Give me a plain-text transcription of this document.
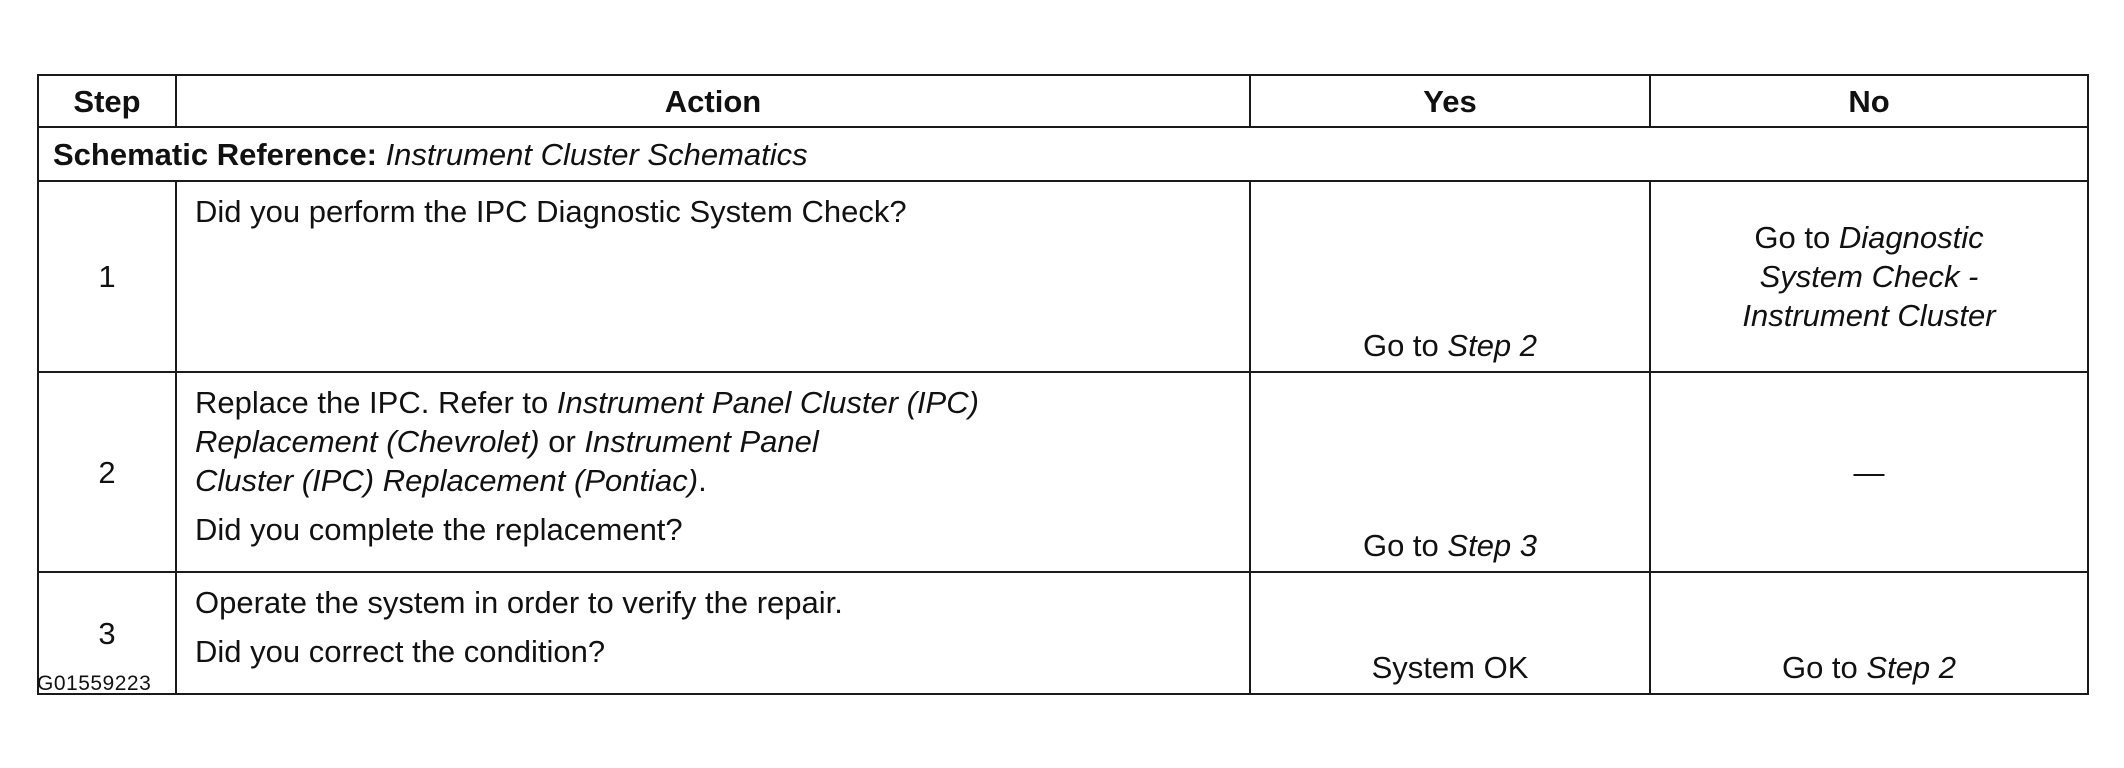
Step	Action	Yes	No
Schematic Reference: Instrument Cluster Schematics			
1	Did you perform the IPC Diagnostic System Check?	Go to Step 2	Go to Diagnostic
System Check -
Instrument Cluster

2	Replace the IPC. Refer to Instrument Panel Cluster (IPC)
Replacement (Chevrolet) or Instrument Panel
Cluster (IPC) Replacement (Pontiac).

Did you complete the replacement?	Go to Step 3	—
3	Operate the system in order to verify the repair.

Did you correct the condition?	System OK	Go to Step 2
G01559223
